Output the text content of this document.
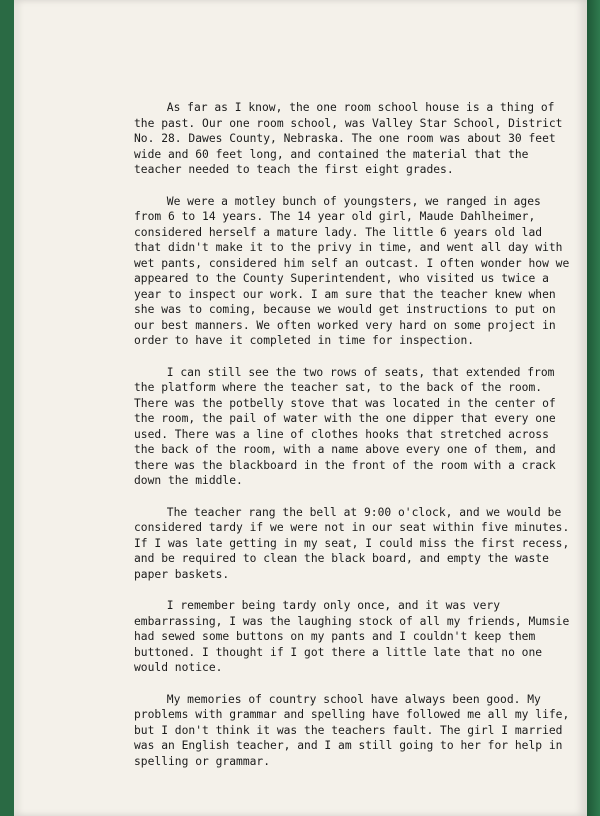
As far as I know, the one room school house is a thing of the past. Our one room school, was Valley Star School, District No. 28. Dawes County, Nebraska. The one room was about 30 feet wide and 60 feet long, and contained the material that the teacher needed to teach the first eight grades.

We were a motley bunch of youngsters, we ranged in ages from 6 to 14 years. The 14 year old girl, Maude Dahlheimer, considered herself a mature lady. The little 6 years old lad that didn't make it to the privy in time, and went all day with wet pants, considered him self an outcast. I often wonder how we appeared to the County Superintendent, who visited us twice a year to inspect our work. I am sure that the teacher knew when she was to coming, because we would get instructions to put on our best manners. We often worked very hard on some project in order to have it completed in time for inspection.

I can still see the two rows of seats, that extended from the platform where the teacher sat, to the back of the room. There was the potbelly stove that was located in the center of the room, the pail of water with the one dipper that every one used. There was a line of clothes hooks that stretched across the back of the room, with a name above every one of them, and there was the blackboard in the front of the room with a crack down the middle.

The teacher rang the bell at 9:00 o'clock, and we would be considered tardy if we were not in our seat within five minutes. If I was late getting in my seat, I could miss the first recess, and be required to clean the black board, and empty the waste paper baskets.

I remember being tardy only once, and it was very embarrassing, I was the laughing stock of all my friends, Mumsie had sewed some buttons on my pants and I couldn't keep them buttoned. I thought if I got there a little late that no one would notice.

My memories of country school have always been good. My problems with grammar and spelling have followed me all my life, but I don't think it was the teachers fault. The girl I married was an English teacher, and I am still going to her for help in spelling or grammar.
